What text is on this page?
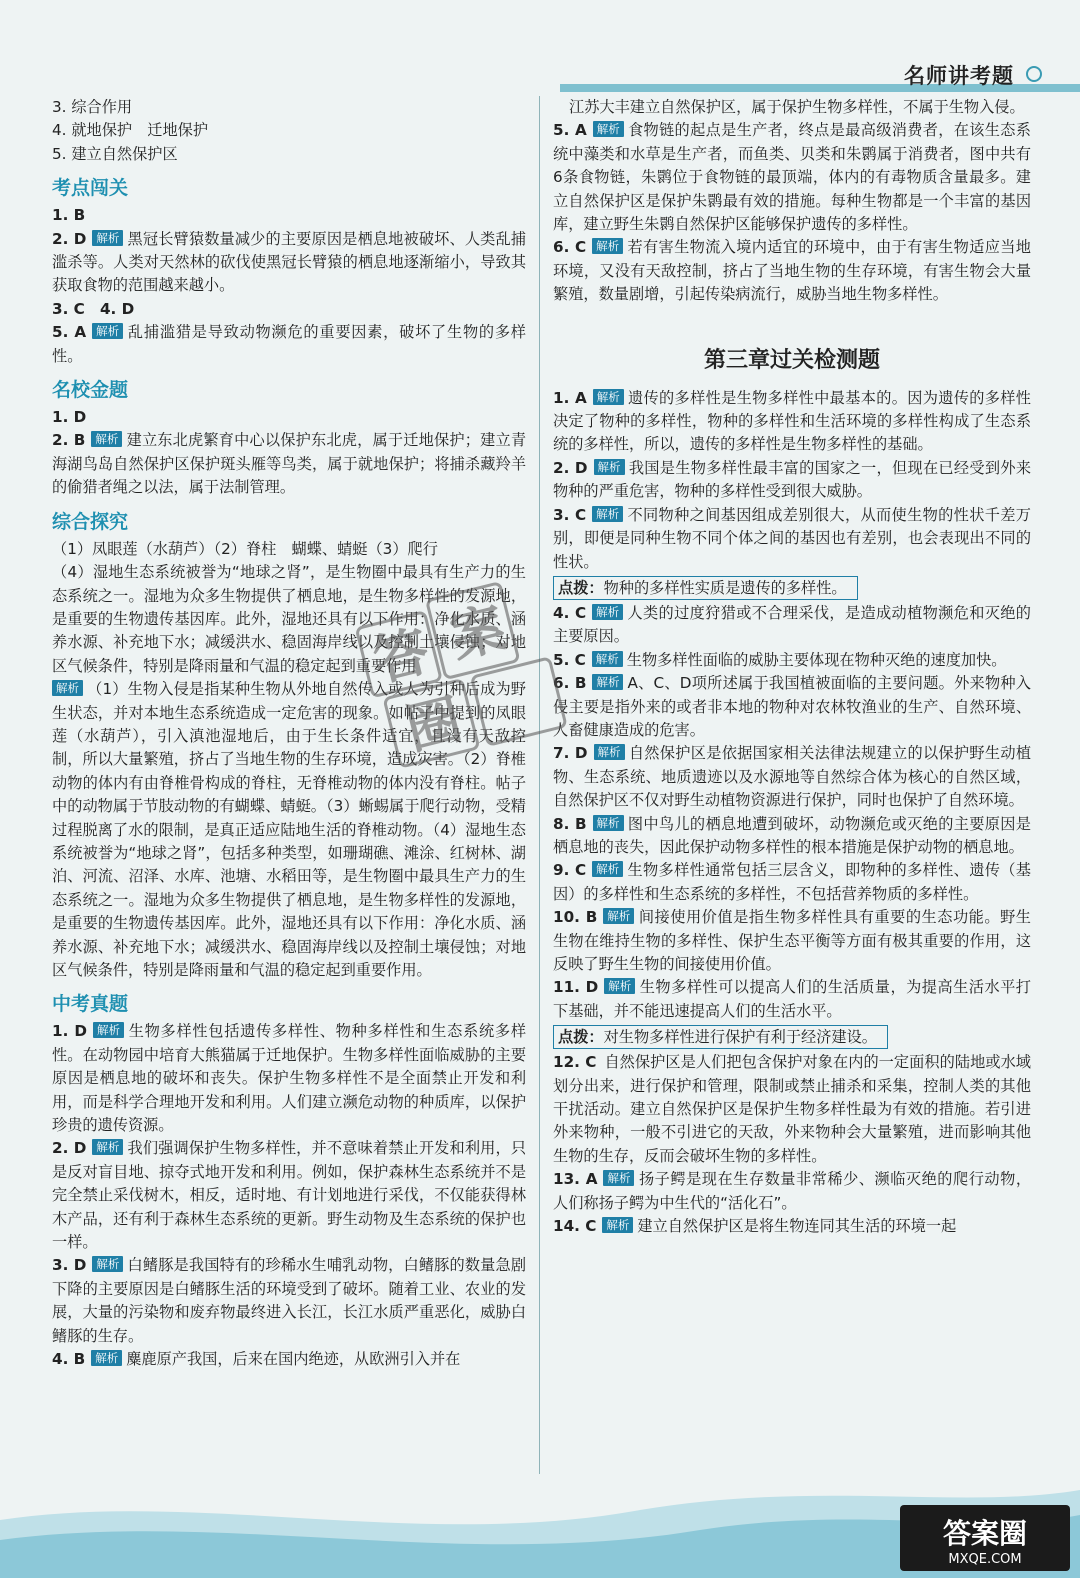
名师讲考题

3. 综合作用

4. 就地保护　迁地保护

5. 建立自然保护区

考点闯关

1. B

2. D 解析 黑冠长臂猿数量减少的主要原因是栖息地被破坏、人类乱捕滥杀等。人类对天然林的砍伐使黑冠长臂猿的栖息地逐渐缩小，导致其获取食物的范围越来越小。

3. C　4. D

5. A 解析 乱捕滥猎是导致动物濒危的重要因素，破坏了生物的多样性。

名校金题

1. D

2. B 解析 建立东北虎繁育中心以保护东北虎，属于迁地保护；建立青海湖鸟岛自然保护区保护斑头雁等鸟类，属于就地保护；将捕杀藏羚羊的偷猎者绳之以法，属于法制管理。

综合探究

（1）凤眼莲（水葫芦）（2）脊柱　蝴蝶、蜻蜓（3）爬行

（4）湿地生态系统被誉为“地球之肾”，是生物圈中最具有生产力的生态系统之一。湿地为众多生物提供了栖息地，是生物多样性的发源地，是重要的生物遗传基因库。此外，湿地还具有以下作用：净化水质、涵养水源、补充地下水；减缓洪水、稳固海岸线以及控制土壤侵蚀；对地区气候条件，特别是降雨量和气温的稳定起到重要作用

解析 （1）生物入侵是指某种生物从外地自然传入或人为引种后成为野生状态，并对本地生态系统造成一定危害的现象。如帖子中提到的凤眼莲（水葫芦），引入滇池湿地后，由于生长条件适宜，且没有天敌控制，所以大量繁殖，挤占了当地生物的生存环境，造成灾害。（2）脊椎动物的体内有由脊椎骨构成的脊柱，无脊椎动物的体内没有脊柱。帖子中的动物属于节肢动物的有蝴蝶、蜻蜓。（3）蜥蜴属于爬行动物，受精过程脱离了水的限制，是真正适应陆地生活的脊椎动物。（4）湿地生态系统被誉为“地球之肾”，包括多种类型，如珊瑚礁、滩涂、红树林、湖泊、河流、沼泽、水库、池塘、水稻田等，是生物圈中最具生产力的生态系统之一。湿地为众多生物提供了栖息地，是生物多样性的发源地，是重要的生物遗传基因库。此外，湿地还具有以下作用：净化水质、涵养水源、补充地下水；减缓洪水、稳固海岸线以及控制土壤侵蚀；对地区气候条件，特别是降雨量和气温的稳定起到重要作用。

中考真题

1. D 解析 生物多样性包括遗传多样性、物种多样性和生态系统多样性。在动物园中培育大熊猫属于迁地保护。生物多样性面临威胁的主要原因是栖息地的破坏和丧失。保护生物多样性不是全面禁止开发和利用，而是科学合理地开发和利用。人们建立濒危动物的种质库，以保护珍贵的遗传资源。

2. D 解析 我们强调保护生物多样性，并不意味着禁止开发和利用，只是反对盲目地、掠夺式地开发和利用。例如，保护森林生态系统并不是完全禁止采伐树木，相反，适时地、有计划地进行采伐，不仅能获得林木产品，还有利于森林生态系统的更新。野生动物及生态系统的保护也一样。

3. D 解析 白鳍豚是我国特有的珍稀水生哺乳动物，白鳍豚的数量急剧下降的主要原因是白鳍豚生活的环境受到了破坏。随着工业、农业的发展，大量的污染物和废弃物最终进入长江，长江水质严重恶化，威胁白鳍豚的生存。

4. B 解析 麋鹿原产我国，后来在国内绝迹，从欧洲引入并在

江苏大丰建立自然保护区，属于保护生物多样性，不属于生物入侵。

5. A 解析 食物链的起点是生产者，终点是最高级消费者，在该生态系统中藻类和水草是生产者，而鱼类、贝类和朱鹮属于消费者，图中共有6条食物链，朱鹮位于食物链的最顶端，体内的有毒物质含量最多。建立自然保护区是保护朱鹮最有效的措施。每种生物都是一个丰富的基因库，建立野生朱鹮自然保护区能够保护遗传的多样性。

6. C 解析 若有害生物流入境内适宜的环境中，由于有害生物适应当地环境，又没有天敌控制，挤占了当地生物的生存环境，有害生物会大量繁殖，数量剧增，引起传染病流行，威胁当地生物多样性。

第三章过关检测题

1. A 解析 遗传的多样性是生物多样性中最基本的。因为遗传的多样性决定了物种的多样性，物种的多样性和生活环境的多样性构成了生态系统的多样性，所以，遗传的多样性是生物多样性的基础。

2. D 解析 我国是生物多样性最丰富的国家之一，但现在已经受到外来物种的严重危害，物种的多样性受到很大威胁。

3. C 解析 不同物种之间基因组成差别很大，从而使生物的性状千差万别，即便是同种生物不同个体之间的基因也有差别，也会表现出不同的性状。

点拨：物种的多样性实质是遗传的多样性。

4. C 解析 人类的过度狩猎或不合理采伐，是造成动植物濒危和灭绝的主要原因。

5. C 解析 生物多样性面临的威胁主要体现在物种灭绝的速度加快。

6. B 解析 A、C、D项所述属于我国植被面临的主要问题。外来物种入侵主要是指外来的或者非本地的物种对农林牧渔业的生产、自然环境、人畜健康造成的危害。

7. D 解析 自然保护区是依据国家相关法律法规建立的以保护野生动植物、生态系统、地质遗迹以及水源地等自然综合体为核心的自然区域，自然保护区不仅对野生动植物资源进行保护，同时也保护了自然环境。

8. B 解析 图中鸟儿的栖息地遭到破坏，动物濒危或灭绝的主要原因是栖息地的丧失，因此保护动物多样性的根本措施是保护动物的栖息地。

9. C 解析 生物多样性通常包括三层含义，即物种的多样性、遗传（基因）的多样性和生态系统的多样性，不包括营养物质的多样性。

10. B 解析 间接使用价值是指生物多样性具有重要的生态功能。野生生物在维持生物的多样性、保护生态平衡等方面有极其重要的作用，这反映了野生生物的间接使用价值。

11. D 解析 生物多样性可以提高人们的生活质量，为提高生活水平打下基础，并不能迅速提高人们的生活水平。

点拨：对生物多样性进行保护有利于经济建设。

12. C 自然保护区是人们把包含保护对象在内的一定面积的陆地或水域划分出来，进行保护和管理，限制或禁止捕杀和采集，控制人类的其他干扰活动。建立自然保护区是保护生物多样性最为有效的措施。若引进外来物种，一般不引进它的天敌，外来物种会大量繁殖，进而影响其他生物的生存，反而会破坏生物的多样性。

13. A 解析 扬子鳄是现在生存数量非常稀少、濒临灭绝的爬行动物，人们称扬子鳄为中生代的“活化石”。

14. C 解析 建立自然保护区是将生物连同其生活的环境一起

答 案
圈
答案圈
MXQE.COM
